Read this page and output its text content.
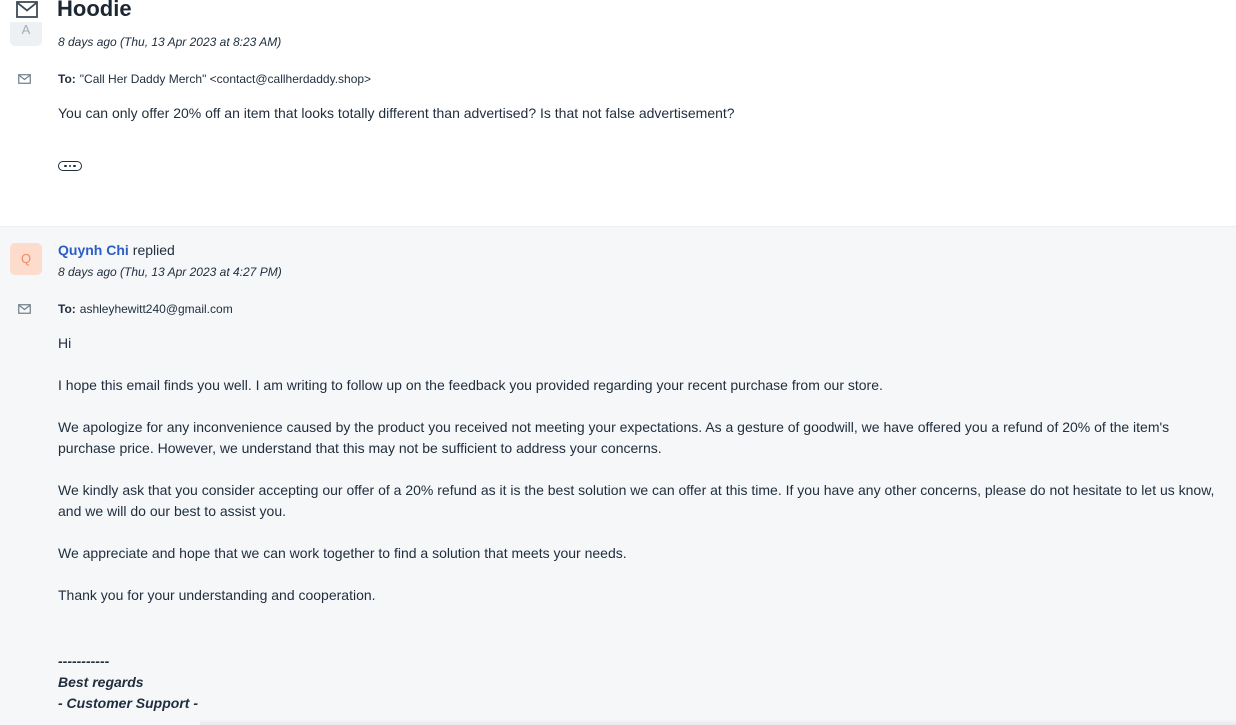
A
8 days ago (Thu, 13 Apr 2023 at 8:23 AM)
To: "Call Her Daddy Merch" <contact@callherdaddy.shop>

You can only offer 20% off an item that looks totally different than advertised? Is that not false advertisement?

Q
Quynh Chi replied
8 days ago (Thu, 13 Apr 2023 at 4:27 PM)
To: ashleyhewitt240@gmail.com

Hi

I hope this email finds you well. I am writing to follow up on the feedback you provided regarding your recent purchase from our store.

We apologize for any inconvenience caused by the product you received not meeting your expectations. As a gesture of goodwill, we have offered you a refund of 20% of the item's purchase price. However, we understand that this may not be sufficient to address your concerns.

We kindly ask that you consider accepting our offer of a 20% refund as it is the best solution we can offer at this time. If you have any other concerns, please do not hesitate to let us know, and we will do our best to assist you.

We appreciate and hope that we can work together to find a solution that meets your needs.

Thank you for your understanding and cooperation.

-----------
Best regards
- Customer Support -
Hoodie
